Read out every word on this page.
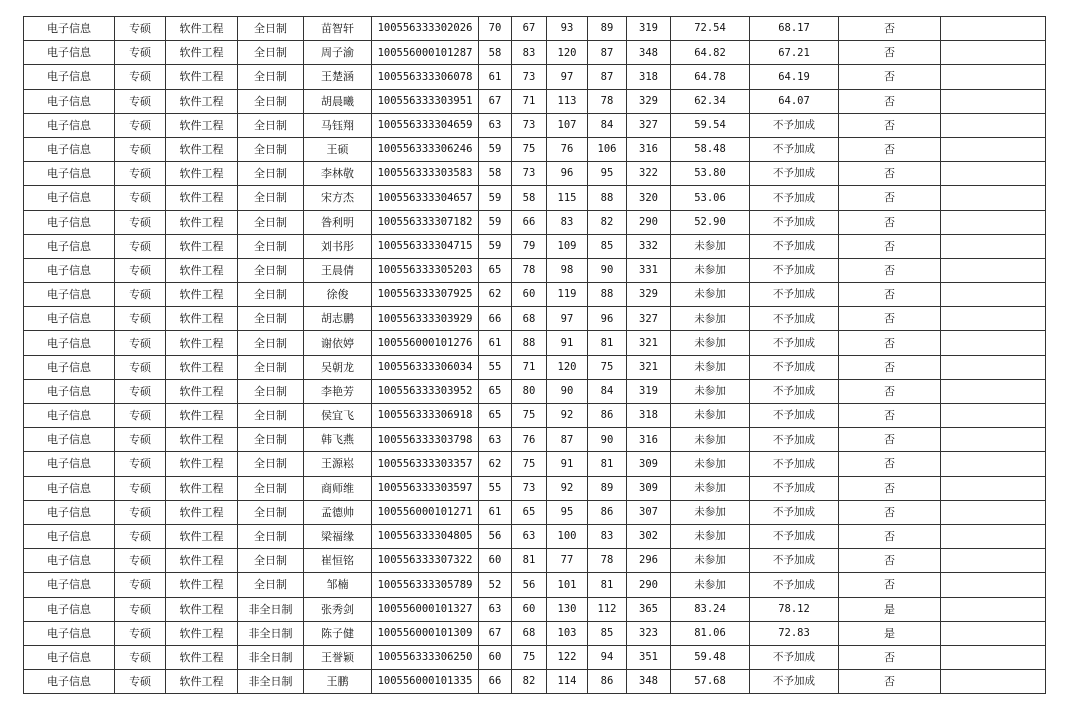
电子信息	专硕	软件工程	全日制	苗智轩	100556333302026	70	67	93	89	319	72.54	68.17	否	
电子信息	专硕	软件工程	全日制	周子渝	100556000101287	58	83	120	87	348	64.82	67.21	否	
电子信息	专硕	软件工程	全日制	王楚涵	100556333306078	61	73	97	87	318	64.78	64.19	否	
电子信息	专硕	软件工程	全日制	胡晨曦	100556333303951	67	71	113	78	329	62.34	64.07	否	
电子信息	专硕	软件工程	全日制	马钰翔	100556333304659	63	73	107	84	327	59.54	不予加成	否	
电子信息	专硕	软件工程	全日制	王硕	100556333306246	59	75	76	106	316	58.48	不予加成	否	
电子信息	专硕	软件工程	全日制	李林敬	100556333303583	58	73	96	95	322	53.80	不予加成	否	
电子信息	专硕	软件工程	全日制	宋方杰	100556333304657	59	58	115	88	320	53.06	不予加成	否	
电子信息	专硕	软件工程	全日制	昝利明	100556333307182	59	66	83	82	290	52.90	不予加成	否	
电子信息	专硕	软件工程	全日制	刘书彤	100556333304715	59	79	109	85	332	未参加	不予加成	否	
电子信息	专硕	软件工程	全日制	王晨倩	100556333305203	65	78	98	90	331	未参加	不予加成	否	
电子信息	专硕	软件工程	全日制	徐俊	100556333307925	62	60	119	88	329	未参加	不予加成	否	
电子信息	专硕	软件工程	全日制	胡志鹏	100556333303929	66	68	97	96	327	未参加	不予加成	否	
电子信息	专硕	软件工程	全日制	谢依婷	100556000101276	61	88	91	81	321	未参加	不予加成	否	
电子信息	专硕	软件工程	全日制	吴朝龙	100556333306034	55	71	120	75	321	未参加	不予加成	否	
电子信息	专硕	软件工程	全日制	李艳芳	100556333303952	65	80	90	84	319	未参加	不予加成	否	
电子信息	专硕	软件工程	全日制	侯宜飞	100556333306918	65	75	92	86	318	未参加	不予加成	否	
电子信息	专硕	软件工程	全日制	韩飞燕	100556333303798	63	76	87	90	316	未参加	不予加成	否	
电子信息	专硕	软件工程	全日制	王源崧	100556333303357	62	75	91	81	309	未参加	不予加成	否	
电子信息	专硕	软件工程	全日制	商师维	100556333303597	55	73	92	89	309	未参加	不予加成	否	
电子信息	专硕	软件工程	全日制	孟德帅	100556000101271	61	65	95	86	307	未参加	不予加成	否	
电子信息	专硕	软件工程	全日制	梁福缘	100556333304805	56	63	100	83	302	未参加	不予加成	否	
电子信息	专硕	软件工程	全日制	崔恒铭	100556333307322	60	81	77	78	296	未参加	不予加成	否	
电子信息	专硕	软件工程	全日制	邹楠	100556333305789	52	56	101	81	290	未参加	不予加成	否	
电子信息	专硕	软件工程	非全日制	张秀剑	100556000101327	63	60	130	112	365	83.24	78.12	是	
电子信息	专硕	软件工程	非全日制	陈子健	100556000101309	67	68	103	85	323	81.06	72.83	是	
电子信息	专硕	软件工程	非全日制	王誉颖	100556333306250	60	75	122	94	351	59.48	不予加成	否	
电子信息	专硕	软件工程	非全日制	王鹏	100556000101335	66	82	114	86	348	57.68	不予加成	否	
